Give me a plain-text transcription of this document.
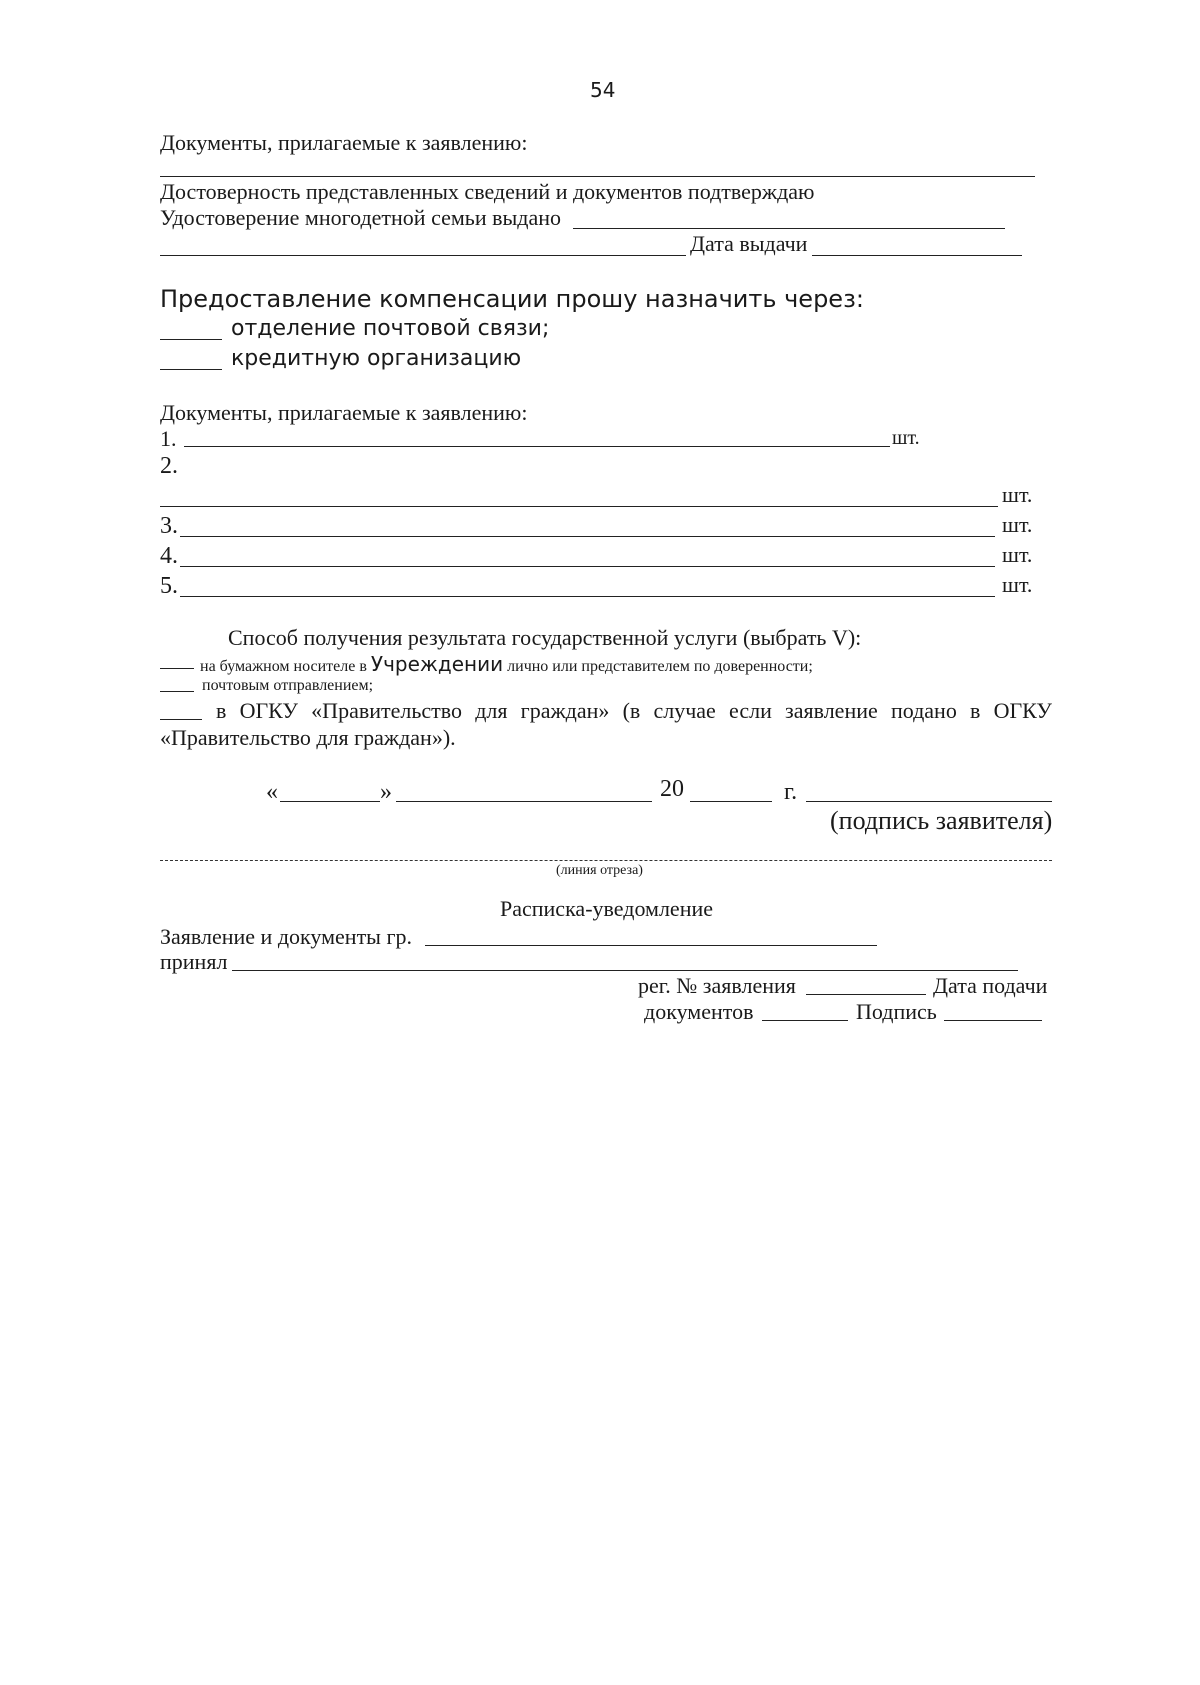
54
Документы, прилагаемые к заявлению:
Достоверность представленных сведений и документов подтверждаю
Удостоверение многодетной семьи выдано
Дата выдачи
Предоставление компенсации прошу назначить через:
отделение почтовой связи;
кредитную организацию
Документы, прилагаемые к заявлению:
1.	шт.
2.
шт.
3.	шт.
4.	шт.
5.	шт.
Способ получения результата государственной услуги (выбрать V):
на бумажном носителе в Учреждении лично или представителем по доверенности;
почтовым отправлением;
в ОГКУ «Правительство для граждан» (в случае если заявление подано в ОГКУ
«Правительство для граждан»).
«	»	20	г.
(подпись заявителя)
(линия отреза)
Расписка-уведомление
Заявление и документы гр.
принял
рег. № заявления	Дата подачи
документов	Подпись
